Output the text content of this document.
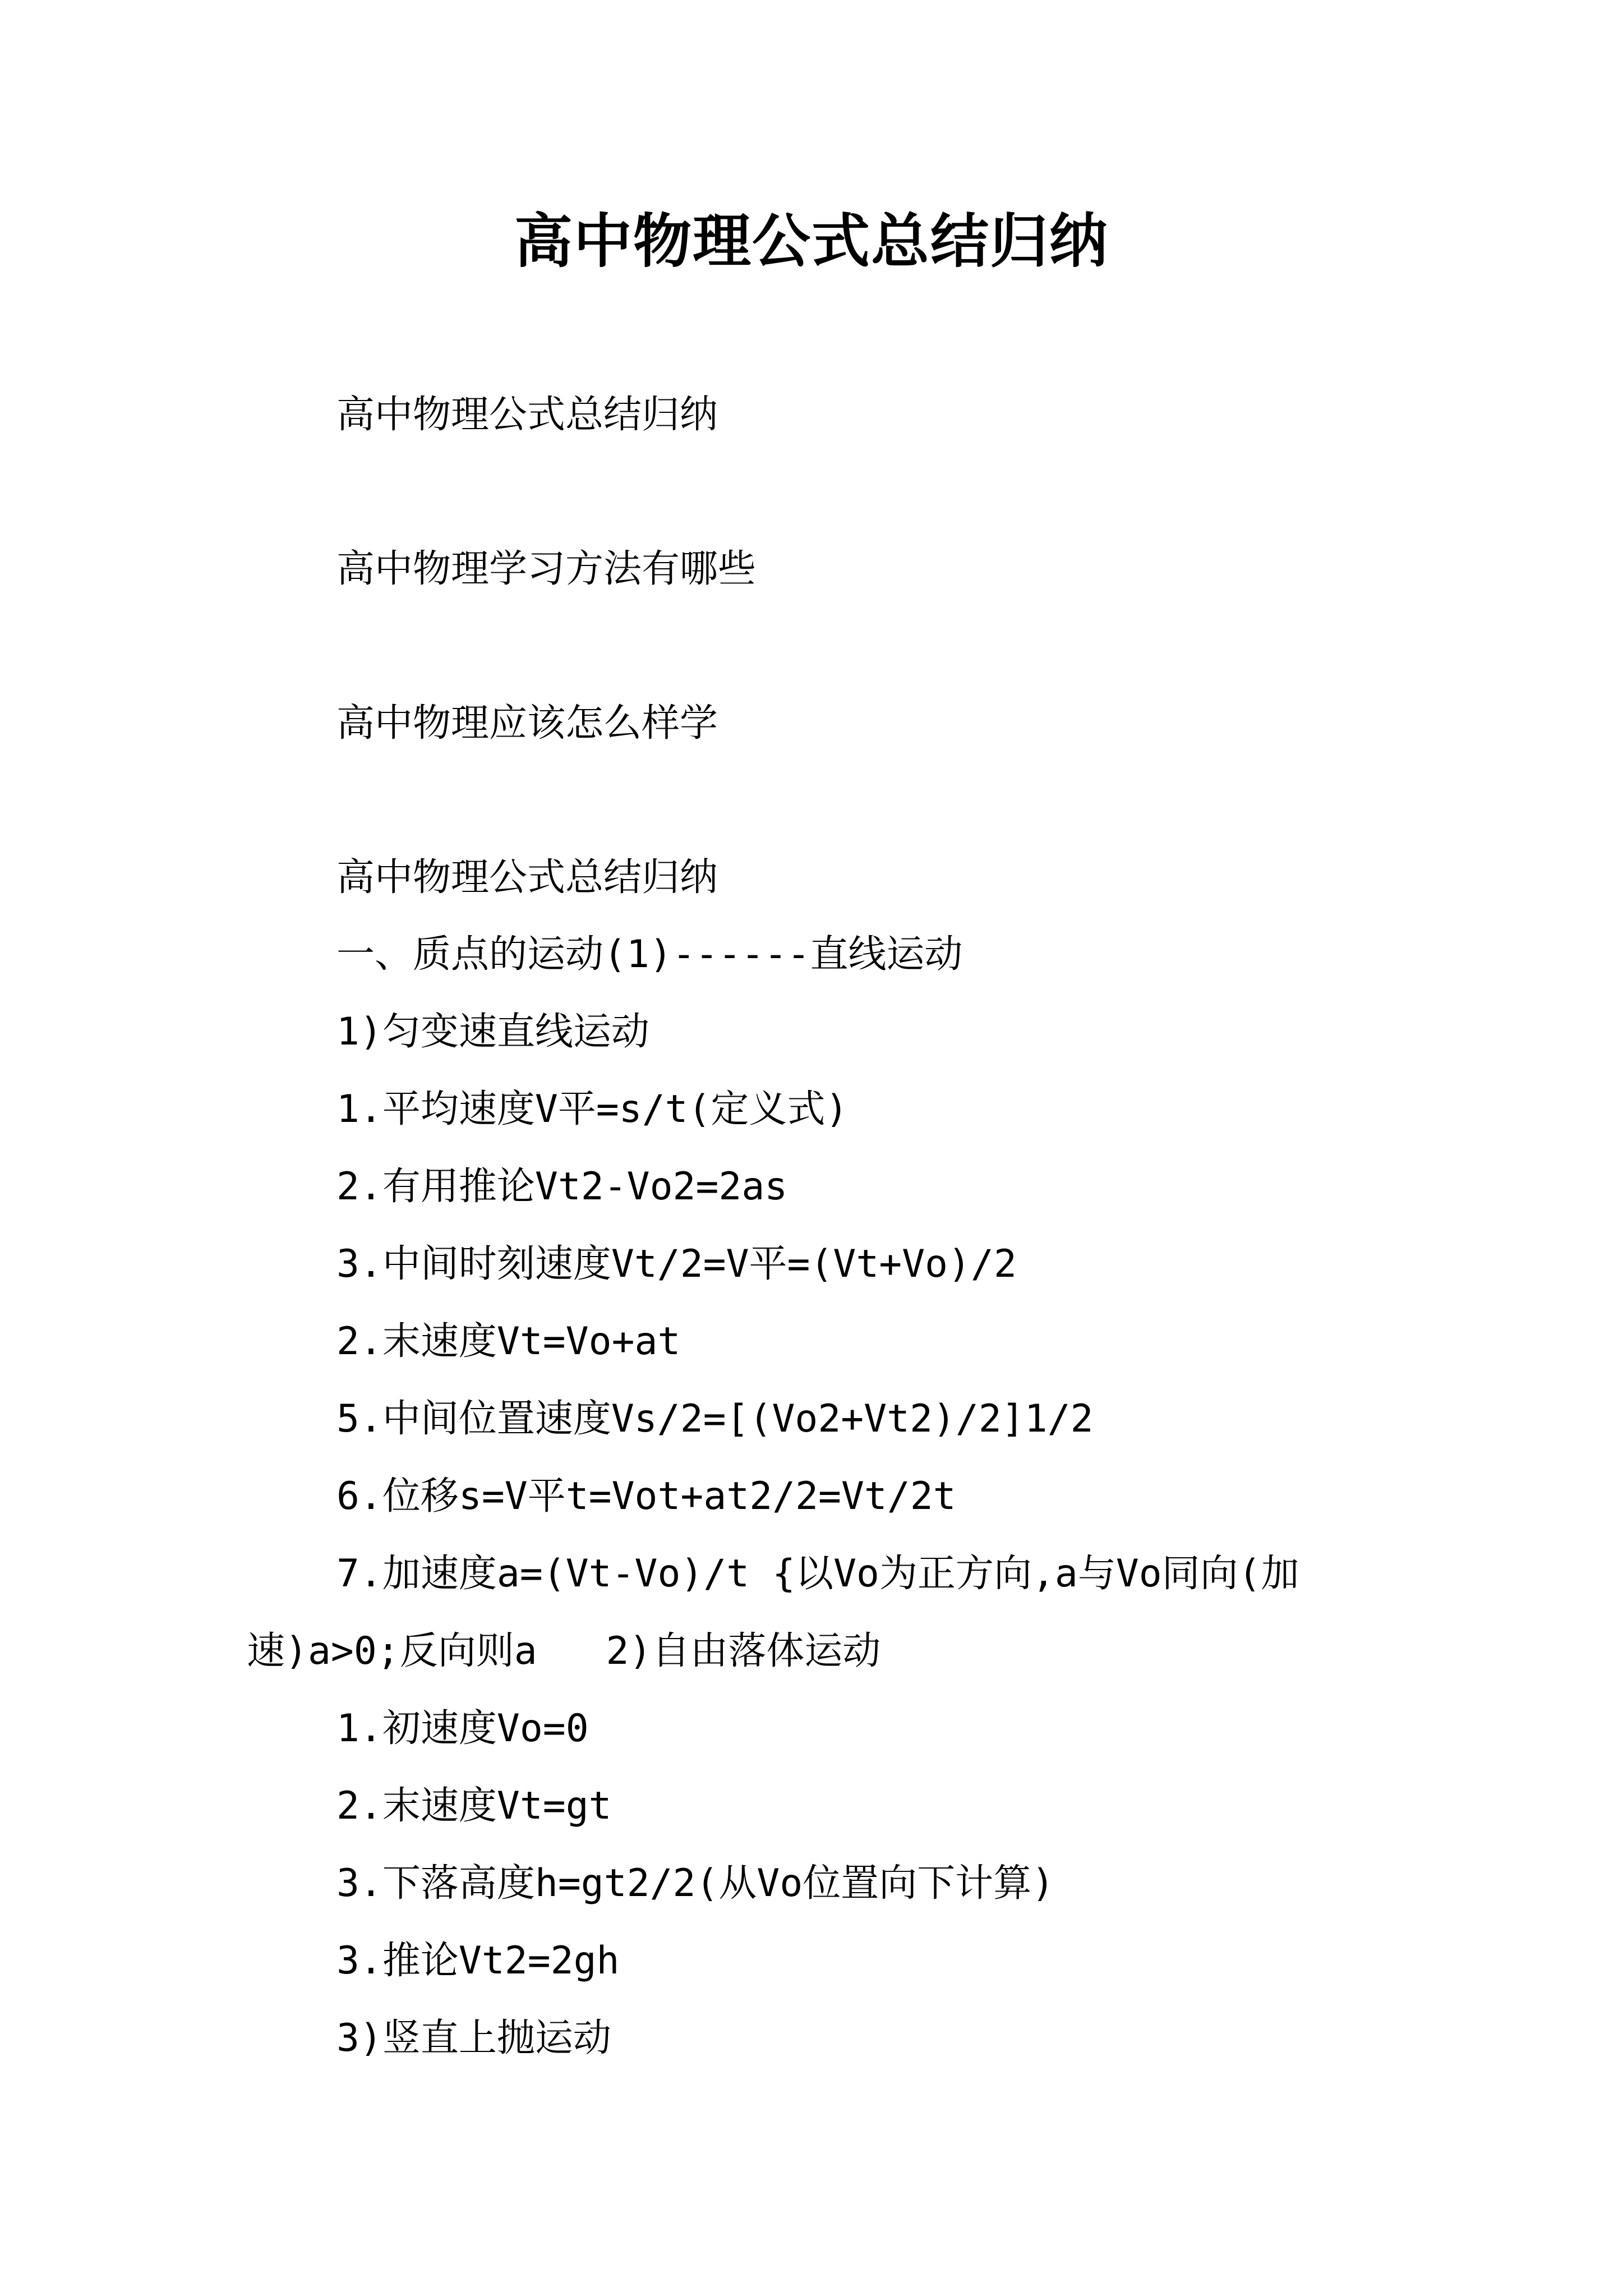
高中物理公式总结归纳
高中物理公式总结归纳
高中物理学习方法有哪些
高中物理应该怎么样学
高中物理公式总结归纳
一、质点的运动(1)------直线运动
1)匀变速直线运动
1.平均速度V平=s/t(定义式)
2.有用推论Vt2-Vo2=2as
3.中间时刻速度Vt/2=V平=(Vt+Vo)/2
2.末速度Vt=Vo+at
5.中间位置速度Vs/2=[(Vo2+Vt2)/2]1/2
6.位移s=V平t=Vot+at2/2=Vt/2t
7.加速度a=(Vt-Vo)/t {以Vo为正方向,a与Vo同向(加
速)a>0;反向则a   2)自由落体运动
1.初速度Vo=0
2.末速度Vt=gt
3.下落高度h=gt2/2(从Vo位置向下计算)
3.推论Vt2=2gh
3)竖直上抛运动
